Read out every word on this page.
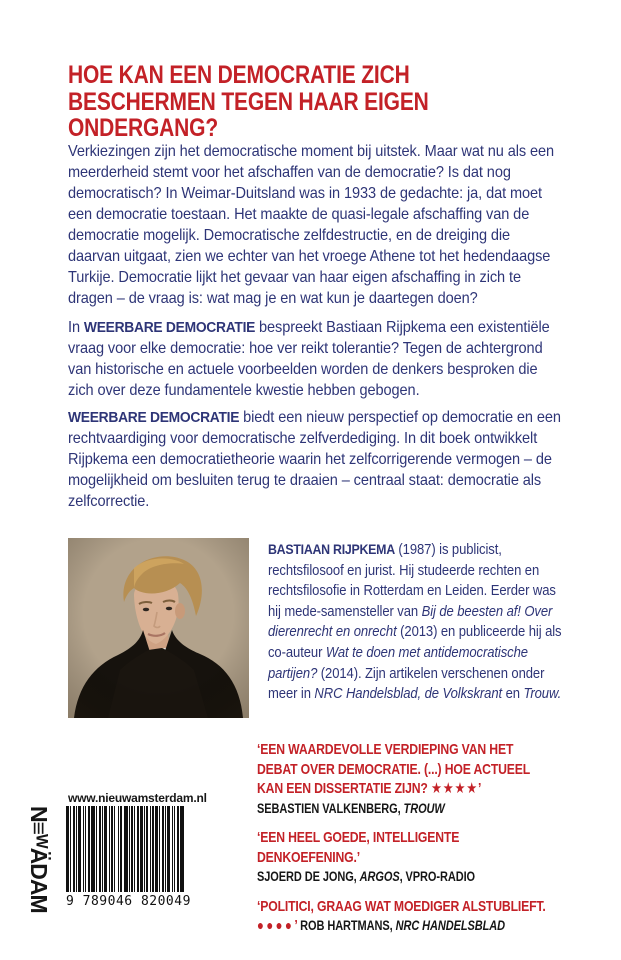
HOE KAN EEN DEMOCRATIE ZICH BESCHERMEN TEGEN HAAR EIGEN ONDERGANG?
Verkiezingen zijn het democratische moment bij uitstek. Maar wat nu als een meerderheid stemt voor het afschaffen van de democratie? Is dat nog democratisch? In Weimar-Duitsland was in 1933 de gedachte: ja, dat moet een democratie toestaan. Het maakte de quasi-legale afschaffing van de democratie mogelijk. Democratische zelfdestructie, en de dreiging die daarvan uitgaat, zien we echter van het vroege Athene tot het hedendaagse Turkije. Democratie lijkt het gevaar van haar eigen afschaffing in zich te dragen – de vraag is: wat mag je en wat kun je daartegen doen?
In WEERBARE DEMOCRATIE bespreekt Bastiaan Rijpkema een existentiële vraag voor elke democratie: hoe ver reikt tolerantie? Tegen de achtergrond van historische en actuele voorbeelden worden de denkers besproken die zich over deze fundamentele kwestie hebben gebogen.
WEERBARE DEMOCRATIE biedt een nieuw perspectief op democratie en een rechtvaardiging voor democratische zelfverdediging. In dit boek ontwikkelt Rijpkema een democratietheorie waarin het zelfcorrigerende vermogen – de mogelijkheid om besluiten terug te draaien – centraal staat: democratie als zelfcorrectie.
BASTIAAN RIJPKEMA (1987) is publicist, rechtsfilosoof en jurist. Hij studeerde rechten en rechtsfilosofie in Rotterdam en Leiden. Eerder was hij mede-samensteller van Bij de beesten af! Over dierenrecht en onrecht (2013) en publiceerde hij als co-auteur Wat te doen met antidemocratische partijen? (2014). Zijn artikelen verschenen onder meer in NRC Handelsblad, de Volkskrant en Trouw.
‘EEN WAARDEVOLLE VERDIEPING VAN HET DEBAT OVER DEMOCRATIE. (...) HOE ACTUEEL KAN EEN DISSERTATIE ZIJN? ★★★★’
SEBASTIEN VALKENBERG, TROUW
‘EEN HEEL GOEDE, INTELLIGENTE DENKOEFENING.’
SJOERD DE JONG, ARGOS, VPRO-RADIO
‘POLITICI, GRAAG WAT MOEDIGER ALSTUBLIEFT.
●●●●’ ROB HARTMANS, NRC HANDELSBLAD
www.nieuwamsterdam.nl
N≡ᵂÄDAM 9 789046 820049
